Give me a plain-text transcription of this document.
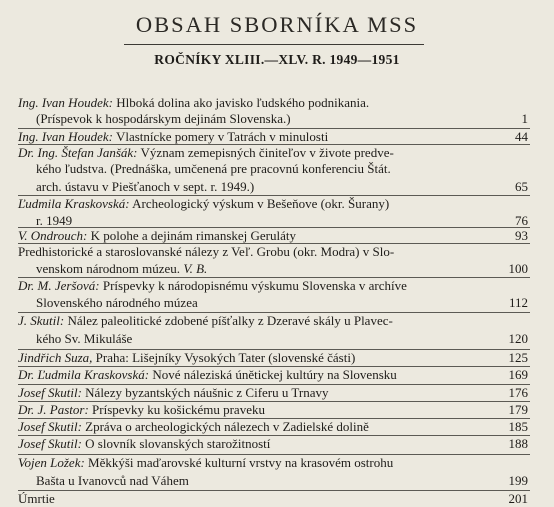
OBSAH SBORNÍKA MSS
ROČNÍKY XLIII.—XLV. R. 1949—1951
Ing. Ivan Houdek: Hlboká dolina ako javisko ľudského podnikania.
(Príspevok k hospodárskym dejinám Slovenska.)	1
Ing. Ivan Houdek: Vlastnícke pomery v Tatrách v minulosti	44
Dr. Ing. Štefan Janšák: Význam zemepisných činiteľov v živote predve-
kého ľudstva. (Prednáška, umčenená pre pracovnú konferenciu Štát.
arch. ústavu v Piešťanoch v sept. r. 1949.)	65
Ľudmila Kraskovská: Archeologický výskum v Bešeňove (okr. Šurany)
r. 1949	76
V. Ondrouch: K polohe a dejinám rimanskej Geruláty	93
Predhistorické a staroslovanské nálezy z Veľ. Grobu (okr. Modra) v Slo-
venskom národnom múzeu. V. B.	100
Dr. M. Jeršová: Príspevky k národopisnému výskumu Slovenska v archíve
Slovenského národného múzea	112
J. Skutil: Nález paleolitické zdobené píšťalky z Dzeravé skály u Plavec-
kého Sv. Mikuláše	120
Jindřich Suza, Praha: Lišejníky Vysokých Tater (slovenské části)	125
Dr. Ľudmila Kraskovská: Nové náleziská únětickej kultúry na Slovensku	169
Josef Skutil: Nálezy byzantských náušnic z Ciferu u Trnavy	176
Dr. J. Pastor: Príspevky ku košickému praveku	179
Josef Skutil: Zpráva o archeologických nálezech v Zadielské dolině	185
Josef Skutil: O slovník slovanských starožitností	188
Vojen Ložek: Měkkýši maďarovské kulturní vrstvy na krasovém ostrohu
Bašta u Ivanovců nad Váhem	199
Úmrtie	201
